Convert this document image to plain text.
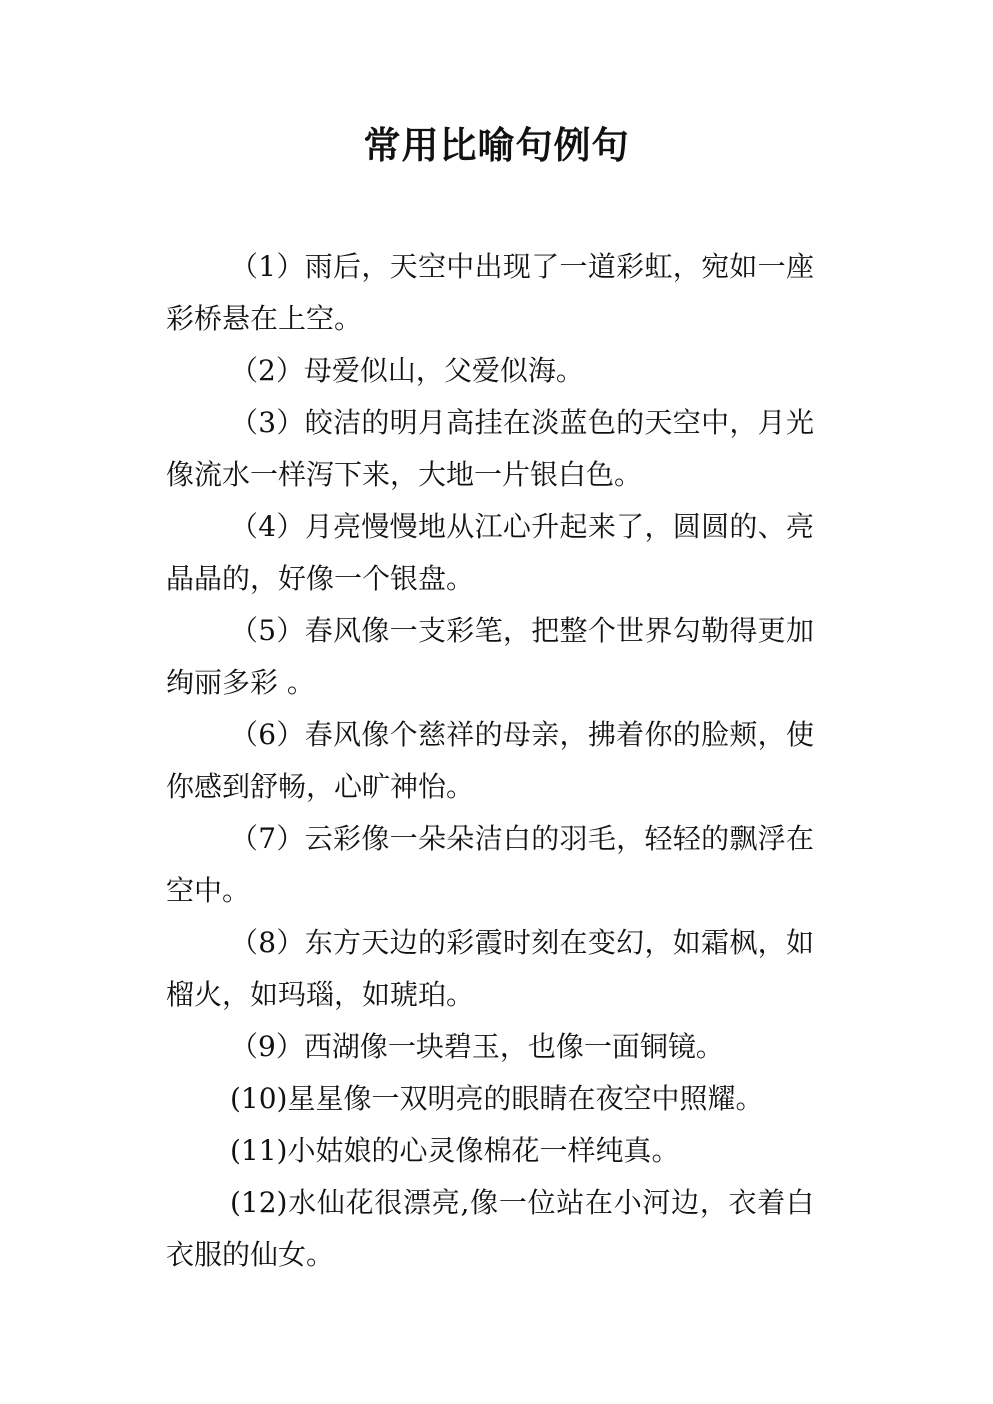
常用比喻句例句

（1）雨后，天空中出现了一道彩虹，宛如一座彩桥悬在上空。

（2）母爱似山，父爱似海。

（3）皎洁的明月高挂在淡蓝色的天空中，月光像流水一样泻下来，大地一片银白色。

（4）月亮慢慢地从江心升起来了，圆圆的、亮晶晶的，好像一个银盘。

（5）春风像一支彩笔，把整个世界勾勒得更加绚丽多彩 。

（6）春风像个慈祥的母亲，拂着你的脸颊，使你感到舒畅，心旷神怡。

（7）云彩像一朵朵洁白的羽毛，轻轻的飘浮在空中。

（8）东方天边的彩霞时刻在变幻，如霜枫，如榴火，如玛瑙，如琥珀。

（9）西湖像一块碧玉，也像一面铜镜。

(10)星星像一双明亮的眼睛在夜空中照耀。

(11)小姑娘的心灵像棉花一样纯真。

(12)水仙花很漂亮,像一位站在小河边，衣着白衣服的仙女。
